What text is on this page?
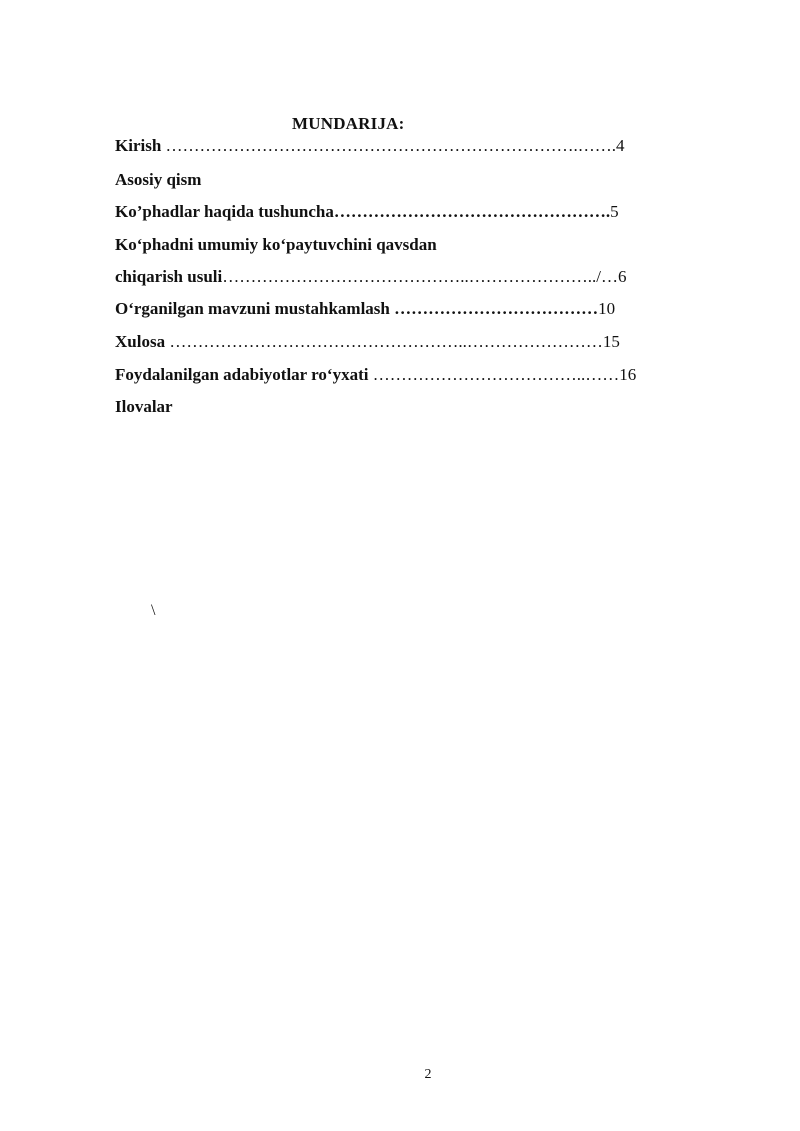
MUNDARIJA:
Kirish ……………………………………………………………….…….4
Asosiy qism
Ko’phadlar haqida tushuncha………………………………………….5
Ko‘phadni umumiy ko‘paytuvchini qavsdan
chiqarish usuli……………………………………..…………………../…6
O‘rganilgan mavzuni mustahkamlash ………………………………10
Xulosa ……………………………………………..……………………15
Foydalanilgan adabiyotlar ro‘yxati ………………………………..……16
Ilovalar
\
2
